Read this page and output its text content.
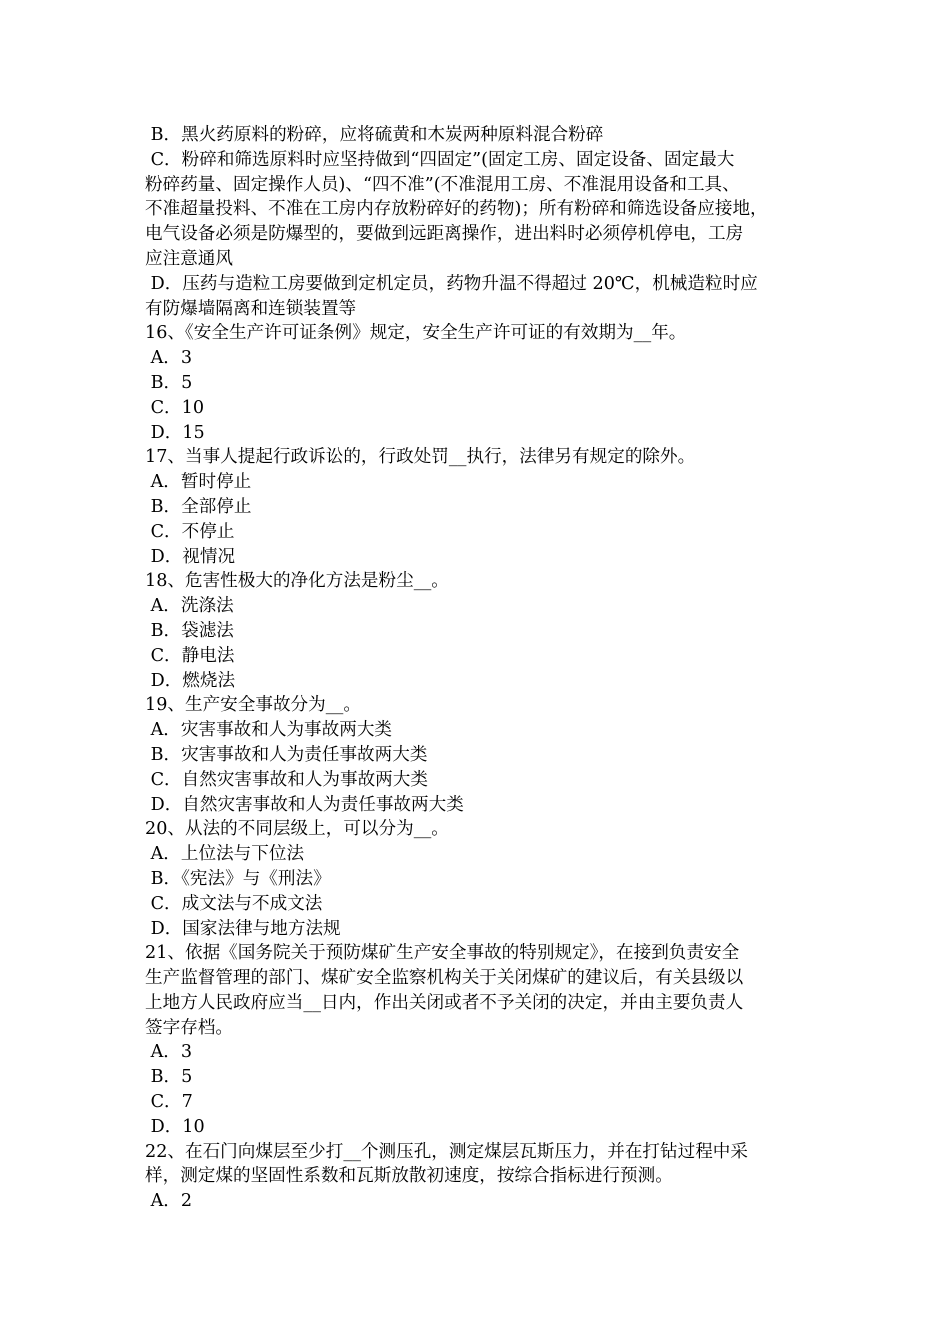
B．黑火药原料的粉碎，应将硫黄和木炭两种原料混合粉碎
C．粉碎和筛选原料时应坚持做到“四固定”(固定工房、固定设备、固定最大
粉碎药量、固定操作人员)、“四不准”(不准混用工房、不准混用设备和工具、
不准超量投料、不准在工房内存放粉碎好的药物)；所有粉碎和筛选设备应接地，
电气设备必须是防爆型的，要做到远距离操作，进出料时必须停机停电，工房
应注意通风
D．压药与造粒工房要做到定机定员，药物升温不得超过 20℃，机械造粒时应
有防爆墙隔离和连锁装置等
16、《安全生产许可证条例》规定，安全生产许可证的有效期为__年。
A．3
B．5
C．10
D．15
17、当事人提起行政诉讼的，行政处罚__执行，法律另有规定的除外。
A．暂时停止
B．全部停止
C．不停止
D．视情况
18、危害性极大的净化方法是粉尘__。
A．洗涤法
B．袋滤法
C．静电法
D．燃烧法
19、生产安全事故分为__。
A．灾害事故和人为事故两大类
B．灾害事故和人为责任事故两大类
C．自然灾害事故和人为事故两大类
D．自然灾害事故和人为责任事故两大类
20、从法的不同层级上，可以分为__。
A．上位法与下位法
B．《宪法》与《刑法》
C．成文法与不成文法
D．国家法律与地方法规
21、依据《国务院关于预防煤矿生产安全事故的特别规定》，在接到负责安全
生产监督管理的部门、煤矿安全监察机构关于关闭煤矿的建议后，有关县级以
上地方人民政府应当__日内，作出关闭或者不予关闭的决定，并由主要负责人
签字存档。
A．3
B．5
C．7
D．10
22、在石门向煤层至少打__个测压孔，测定煤层瓦斯压力，并在打钻过程中采
样，测定煤的坚固性系数和瓦斯放散初速度，按综合指标进行预测。
A．2
